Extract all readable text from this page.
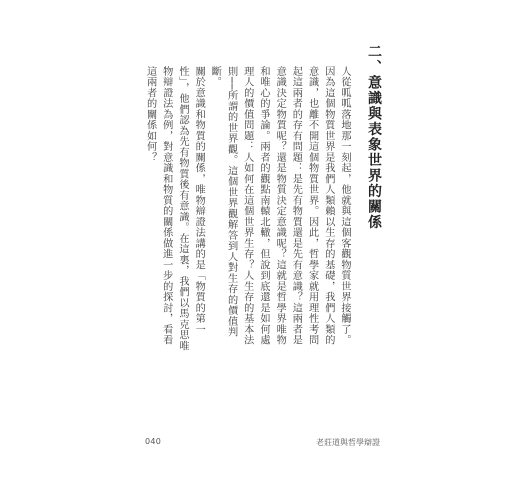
二、意識與表象世界的關係

人從呱呱落地那一刻起，他就與這個客觀物質世界接觸了。因為這個物質世界是我們人類賴以生存的基礎，我們人類的意識，也離不開這個物質世界。因此，哲學家就用理性考問起這兩者的存有問題：是先有物質還是先有意識？這兩者是意識決定物質呢？還是物質決定意識呢？這就是哲學界唯物和唯心的爭論。兩者的觀點南轅北轍，但說到底還是如何處理人的價值問題：人如何在這個世界生存？人生存的基本法則──所謂的世界觀。這個世界觀解答到人對生存的價值判斷。

關於意識和物質的關係，唯物辯證法講的是「物質的第一性」，他們認為先有物質後有意識。在這裏，我們以馬克思唯物辯證法為例，對意識和物質的關係做進一步的探討，看看這兩者的關係如何？

040	老莊道與哲學辯證
